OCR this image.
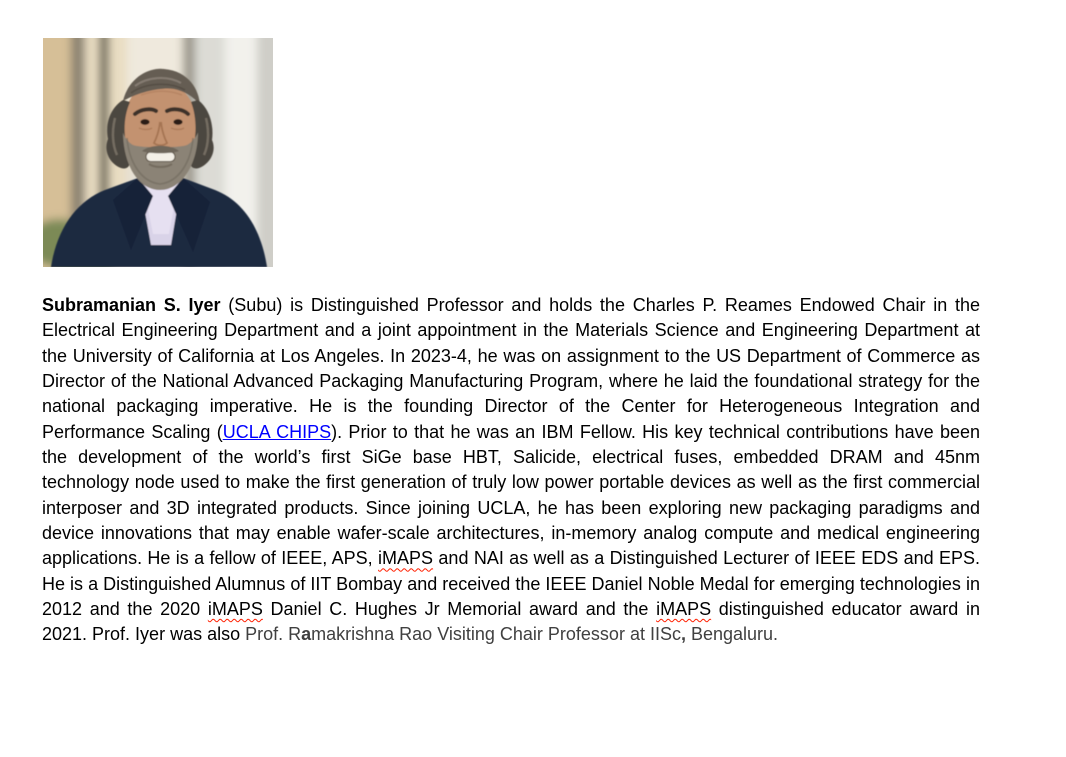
Subramanian S. Iyer (Subu) is Distinguished Professor and holds the Charles P. Reames Endowed Chair in the Electrical Engineering Department and a joint appointment in the Materials Science and Engineering Department at the University of California at Los Angeles. In 2023-4, he was on assignment to the US Department of Commerce as Director of the National Advanced Packaging Manufacturing Program, where he laid the foundational strategy for the national packaging imperative. He is the founding Director of the Center for Heterogeneous Integration and Performance Scaling (UCLA CHIPS). Prior to that he was an IBM Fellow. His key technical contributions have been the development of the world’s first SiGe base HBT, Salicide, electrical fuses, embedded DRAM and 45nm technology node used to make the first generation of truly low power portable devices as well as the first commercial interposer and 3D integrated products. Since joining UCLA, he has been exploring new packaging paradigms and device innovations that may enable wafer-scale architectures, in-memory analog compute and medical engineering applications. He is a fellow of IEEE, APS, iMAPS and NAI as well as a Distinguished Lecturer of IEEE EDS and EPS. He is a Distinguished Alumnus of IIT Bombay and received the IEEE Daniel Noble Medal for emerging technologies in 2012 and the 2020 iMAPS Daniel C. Hughes Jr Memorial award and the iMAPS distinguished educator award in 2021. Prof. Iyer was also Prof. Ramakrishna Rao Visiting Chair Professor at IISc, Bengaluru.
